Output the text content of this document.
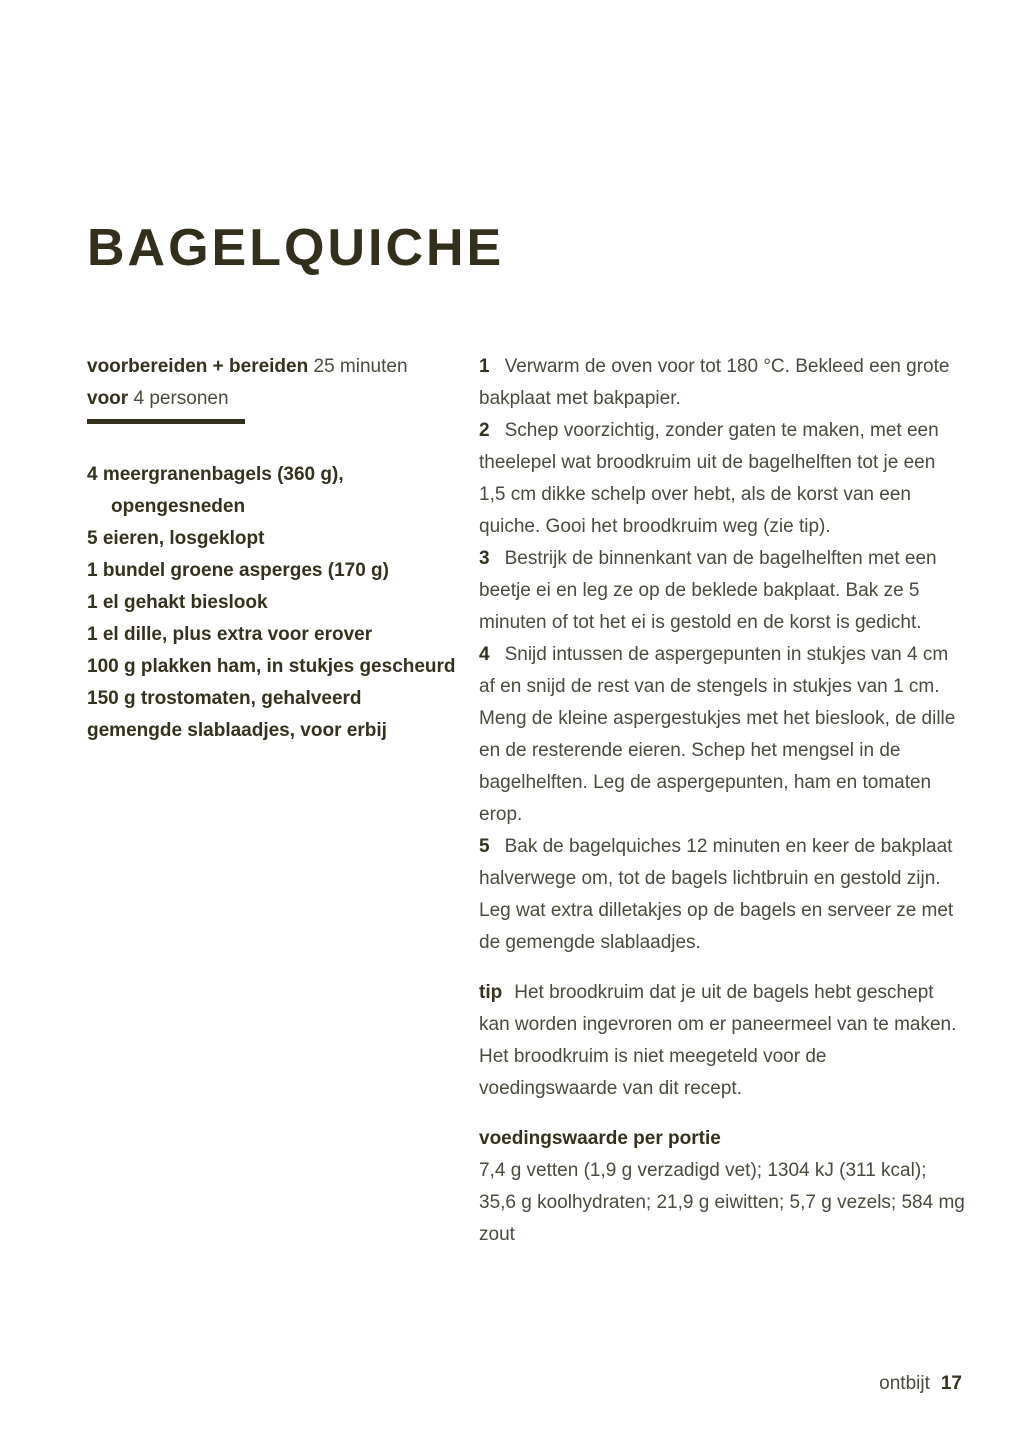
BAGELQUICHE

voorbereiden + bereiden 25 minuten

voor 4 personen

4 meergranenbagels (360 g), opengesneden
5 eieren, losgeklopt
1 bundel groene asperges (170 g)
1 el gehakt bieslook
1 el dille, plus extra voor erover
100 g plakken ham, in stukjes gescheurd
150 g trostomaten, gehalveerd
gemengde slablaadjes, voor erbij

1 Verwarm de oven voor tot 180 °C. Bekleed een grote bakplaat met bakpapier.

2 Schep voorzichtig, zonder gaten te maken, met een theelepel wat broodkruim uit de bagelhelften tot je een 1,5 cm dikke schelp over hebt, als de korst van een quiche. Gooi het broodkruim weg (zie tip).

3 Bestrijk de binnenkant van de bagelhelften met een beetje ei en leg ze op de beklede bakplaat. Bak ze 5 minuten of tot het ei is gestold en de korst is gedicht.

4 Snijd intussen de aspergepunten in stukjes van 4 cm af en snijd de rest van de stengels in stukjes van 1 cm. Meng de kleine aspergestukjes met het bieslook, de dille en de resterende eieren. Schep het mengsel in de bagelhelften. Leg de aspergepunten, ham en tomaten erop.

5 Bak de bagelquiches 12 minuten en keer de bakplaat halverwege om, tot de bagels lichtbruin en gestold zijn. Leg wat extra dilletakjes op de bagels en serveer ze met de gemengde slablaadjes.

tip Het broodkruim dat je uit de bagels hebt geschept kan worden ingevroren om er paneermeel van te maken. Het broodkruim is niet meegeteld voor de voedingswaarde van dit recept.

voedingswaarde per portie

7,4 g vetten (1,9 g verzadigd vet); 1304 kJ (311 kcal); 35,6 g koolhydraten; 21,9 g eiwitten; 5,7 g vezels; 584 mg zout

ontbijt 17
